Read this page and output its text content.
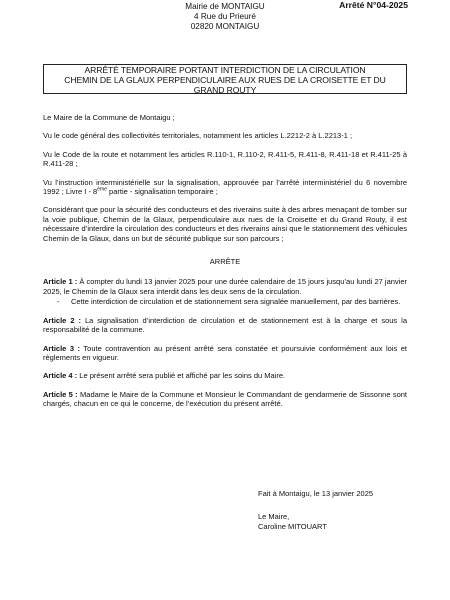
Mairie de MONTAIGU
4 Rue du Prieuré
02820 MONTAIGU
Arrêté N°04-2025
ARRÊTÉ TEMPORAIRE PORTANT INTERDICTION DE LA CIRCULATION
CHEMIN DE LA GLAUX PERPENDICULAIRE AUX RUES DE LA CROISETTE ET DU
GRAND ROUTY

Le Maire de la Commune de Montaigu ;

Vu le code général des collectivités territoriales, notamment les articles L.2212-2 à L.2213-1 ;

Vu le Code de la route et notamment les articles R.110-1, R.110-2, R.411-5, R.411-8, R.411-18 et R.411-25 à R.411-28 ;

Vu l’instruction interministérielle sur la signalisation, approuvée par l’arrêté interministériel du 6 novembre 1992 ; Livre I - 8ème partie - signalisation temporaire ;

Considérant que pour la sécurité des conducteurs et des riverains suite à des arbres menaçant de tomber sur la voie publique, Chemin de la Glaux, perpendiculaire aux rues de la Croisette et du Grand Routy, il est nécessaire d’interdire la circulation des conducteurs et des riverains ainsi que le stationnement des véhicules Chemin de la Glaux, dans un but de sécurité publique sur son parcours ;

ARRÊTE

Article 1 : À compter du lundi 13 janvier 2025 pour une durée calendaire de 15 jours jusqu’au lundi 27 janvier 2025, le Chemin de la Glaux sera interdit dans les deux sens de la circulation.

-	Cette interdiction de circulation et de stationnement sera signalée manuellement, par des barrières.

Article 2 : La signalisation d’interdiction de circulation et de stationnement est à la charge et sous la responsabilité de la commune.

Article 3 : Toute contravention au présent arrêté sera constatée et poursuivie conformément aux lois et règlements en vigueur.

Article 4 : Le présent arrêté sera publié et affiché par les soins du Maire.

Article 5 : Madame le Maire de la Commune et Monsieur le Commandant de gendarmerie de Sissonne sont chargés, chacun en ce qui le concerne, de l’exécution du présent arrêté.

Fait à Montaigu, le 13 janvier 2025
Le Maire,
Caroline MITOUART
